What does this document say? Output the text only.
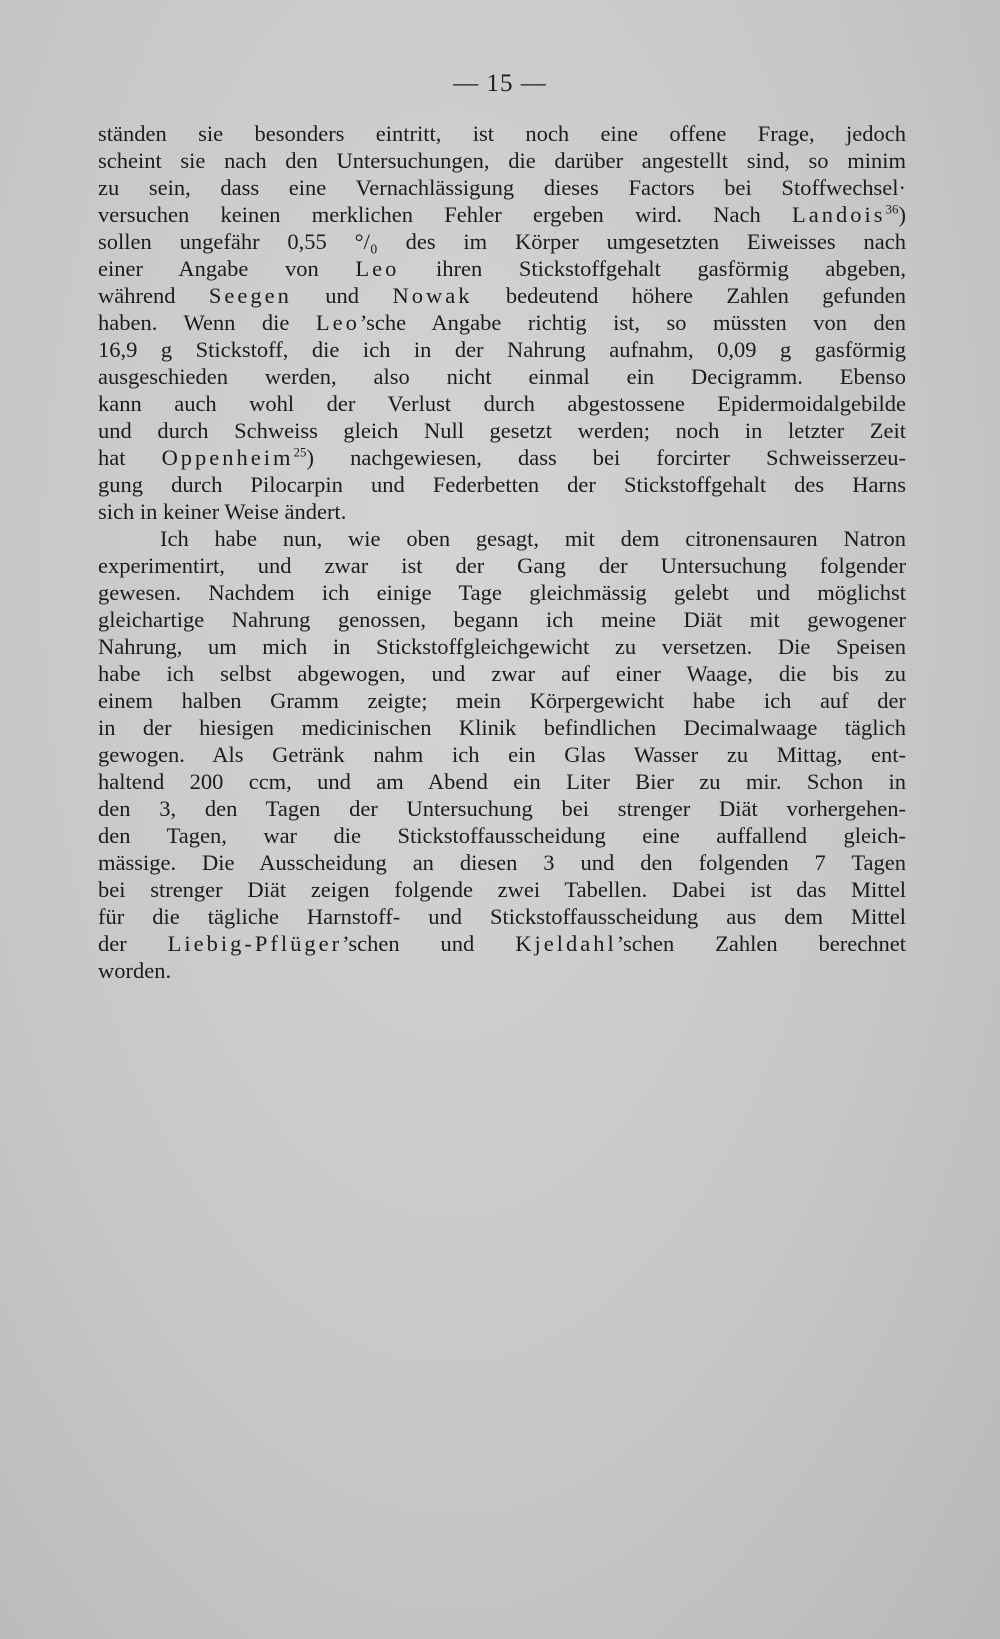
— 15 —
ständen sie besonders eintritt, ist noch eine offene Frage, jedoch
scheint sie nach den Untersuchungen, die darüber angestellt sind, so minim
zu sein, dass eine Vernachlässigung dieses Factors bei Stoffwechsel·
versuchen keinen merklichen Fehler ergeben wird. Nach Landois$^{36}$)
sollen ungefähr 0,55 °/₀ des im Körper umgesetzten Eiweisses nach
einer Angabe von Leo ihren Stickstoffgehalt gasförmig abgeben,
während Seegen und Nowak bedeutend höhere Zahlen gefunden
haben. Wenn die Leo’sche Angabe richtig ist, so müssten von den
16,9 g Stickstoff, die ich in der Nahrung aufnahm, 0,09 g gasförmig
ausgeschieden werden, also nicht einmal ein Decigramm. Ebenso
kann auch wohl der Verlust durch abgestossene Epidermoidalgebilde
und durch Schweiss gleich Null gesetzt werden; noch in letzter Zeit
hat Oppenheim$^{25}$) nachgewiesen, dass bei forcirter Schweisserzeu-
gung durch Pilocarpin und Federbetten der Stickstoffgehalt des Harns
sich in keiner Weise ändert.
Ich habe nun, wie oben gesagt, mit dem citronensauren Natron
experimentirt, und zwar ist der Gang der Untersuchung folgender
gewesen. Nachdem ich einige Tage gleichmässig gelebt und möglichst
gleichartige Nahrung genossen, begann ich meine Diät mit gewogener
Nahrung, um mich in Stickstoffgleichgewicht zu versetzen. Die Speisen
habe ich selbst abgewogen, und zwar auf einer Waage, die bis zu
einem halben Gramm zeigte; mein Körpergewicht habe ich auf der
in der hiesigen medicinischen Klinik befindlichen Decimalwaage täglich
gewogen. Als Getränk nahm ich ein Glas Wasser zu Mittag, ent-
haltend 200 ccm, und am Abend ein Liter Bier zu mir. Schon in
den 3, den Tagen der Untersuchung bei strenger Diät vorhergehen-
den Tagen, war die Stickstoffausscheidung eine auffallend gleich-
mässige. Die Ausscheidung an diesen 3 und den folgenden 7 Tagen
bei strenger Diät zeigen folgende zwei Tabellen. Dabei ist das Mittel
für die tägliche Harnstoff- und Stickstoffausscheidung aus dem Mittel
der Liebig-Pflüger’schen und Kjeldahl’schen Zahlen berechnet
worden.
